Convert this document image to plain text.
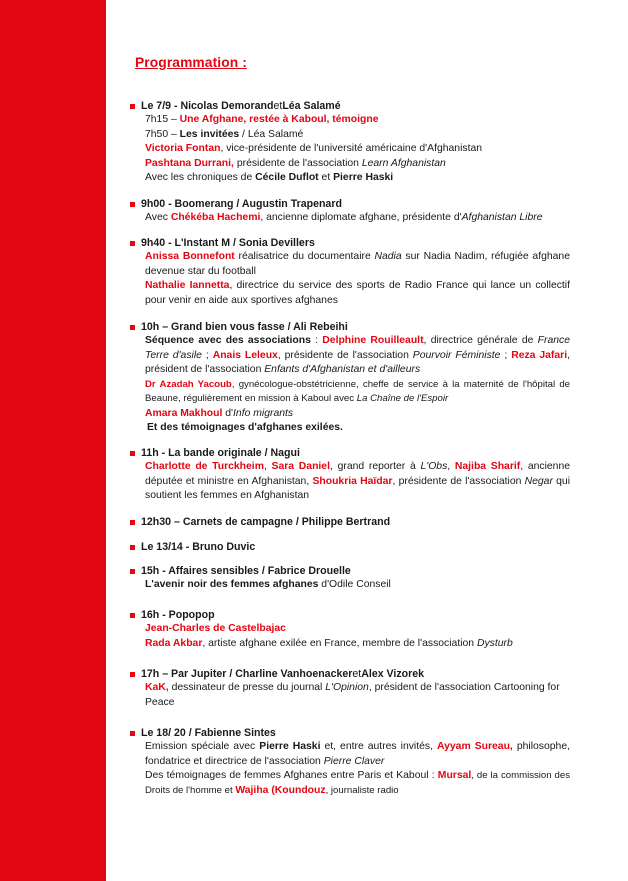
Programmation :
Le 7/9 - Nicolas Demorand et Léa Salamé
7h15 – Une Afghane, restée à Kaboul, témoigne
7h50 – Les invitées / Léa Salamé
Victoria Fontan, vice-présidente de l'université américaine d'Afghanistan
Pashtana Durrani, présidente de l'association Learn Afghanistan
Avec les chroniques de Cécile Duflot et Pierre Haski
9h00 - Boomerang / Augustin Trapenard
Avec Chékéba Hachemi, ancienne diplomate afghane, présidente d'Afghanistan Libre
9h40 - L'Instant M / Sonia Devillers
Anissa Bonnefont réalisatrice du documentaire Nadia sur Nadia Nadim, réfugiée afghane devenue star du football
Nathalie Iannetta, directrice du service des sports de Radio France qui lance un collectif pour venir en aide aux sportives afghanes
10h – Grand bien vous fasse / Ali Rebeihi
Séquence avec des associations : Delphine Rouilleault, directrice générale de France Terre d'asile ; Anais Leleux, présidente de l'association Pourvoir Féministe ; Reza Jafari, président de l'association Enfants d'Afghanistan et d'ailleurs
Dr Azadah Yacoub, gynécologue-obstétricienne, cheffe de service à la maternité de l'hôpital de Beaune, régulièrement en mission à Kaboul avec La Chaîne de l'Espoir
Amara Makhoul d'Info migrants
Et des témoignages d'afghanes exilées.
11h - La bande originale / Nagui
Charlotte de Turckheim, Sara Daniel, grand reporter à L'Obs, Najiba Sharif, ancienne députée et ministre en Afghanistan, Shoukria Haïdar, présidente de l'association Negar qui soutient les femmes en Afghanistan
12h30 – Carnets de campagne / Philippe Bertrand
Le 13/14 - Bruno Duvic
15h - Affaires sensibles / Fabrice Drouelle
L'avenir noir des femmes afghanes d'Odile Conseil
16h - Popopop
Jean-Charles de Castelbajac
Rada Akbar, artiste afghane exilée en France, membre de l'association Dysturb
17h – Par Jupiter / Charline Vanhoenacker et Alex Vizorek
KaK, dessinateur de presse du journal L'Opinion, président de l'association Cartooning for Peace
Le 18/ 20 / Fabienne Sintes
Emission spéciale avec Pierre Haski et, entre autres invités, Ayyam Sureau, philosophe, fondatrice et directrice de l'association Pierre Claver
Des témoignages de femmes Afghanes entre Paris et Kaboul : Mursal, de la commission des Droits de l'homme et Wajiha (Koundouz, journaliste radio
